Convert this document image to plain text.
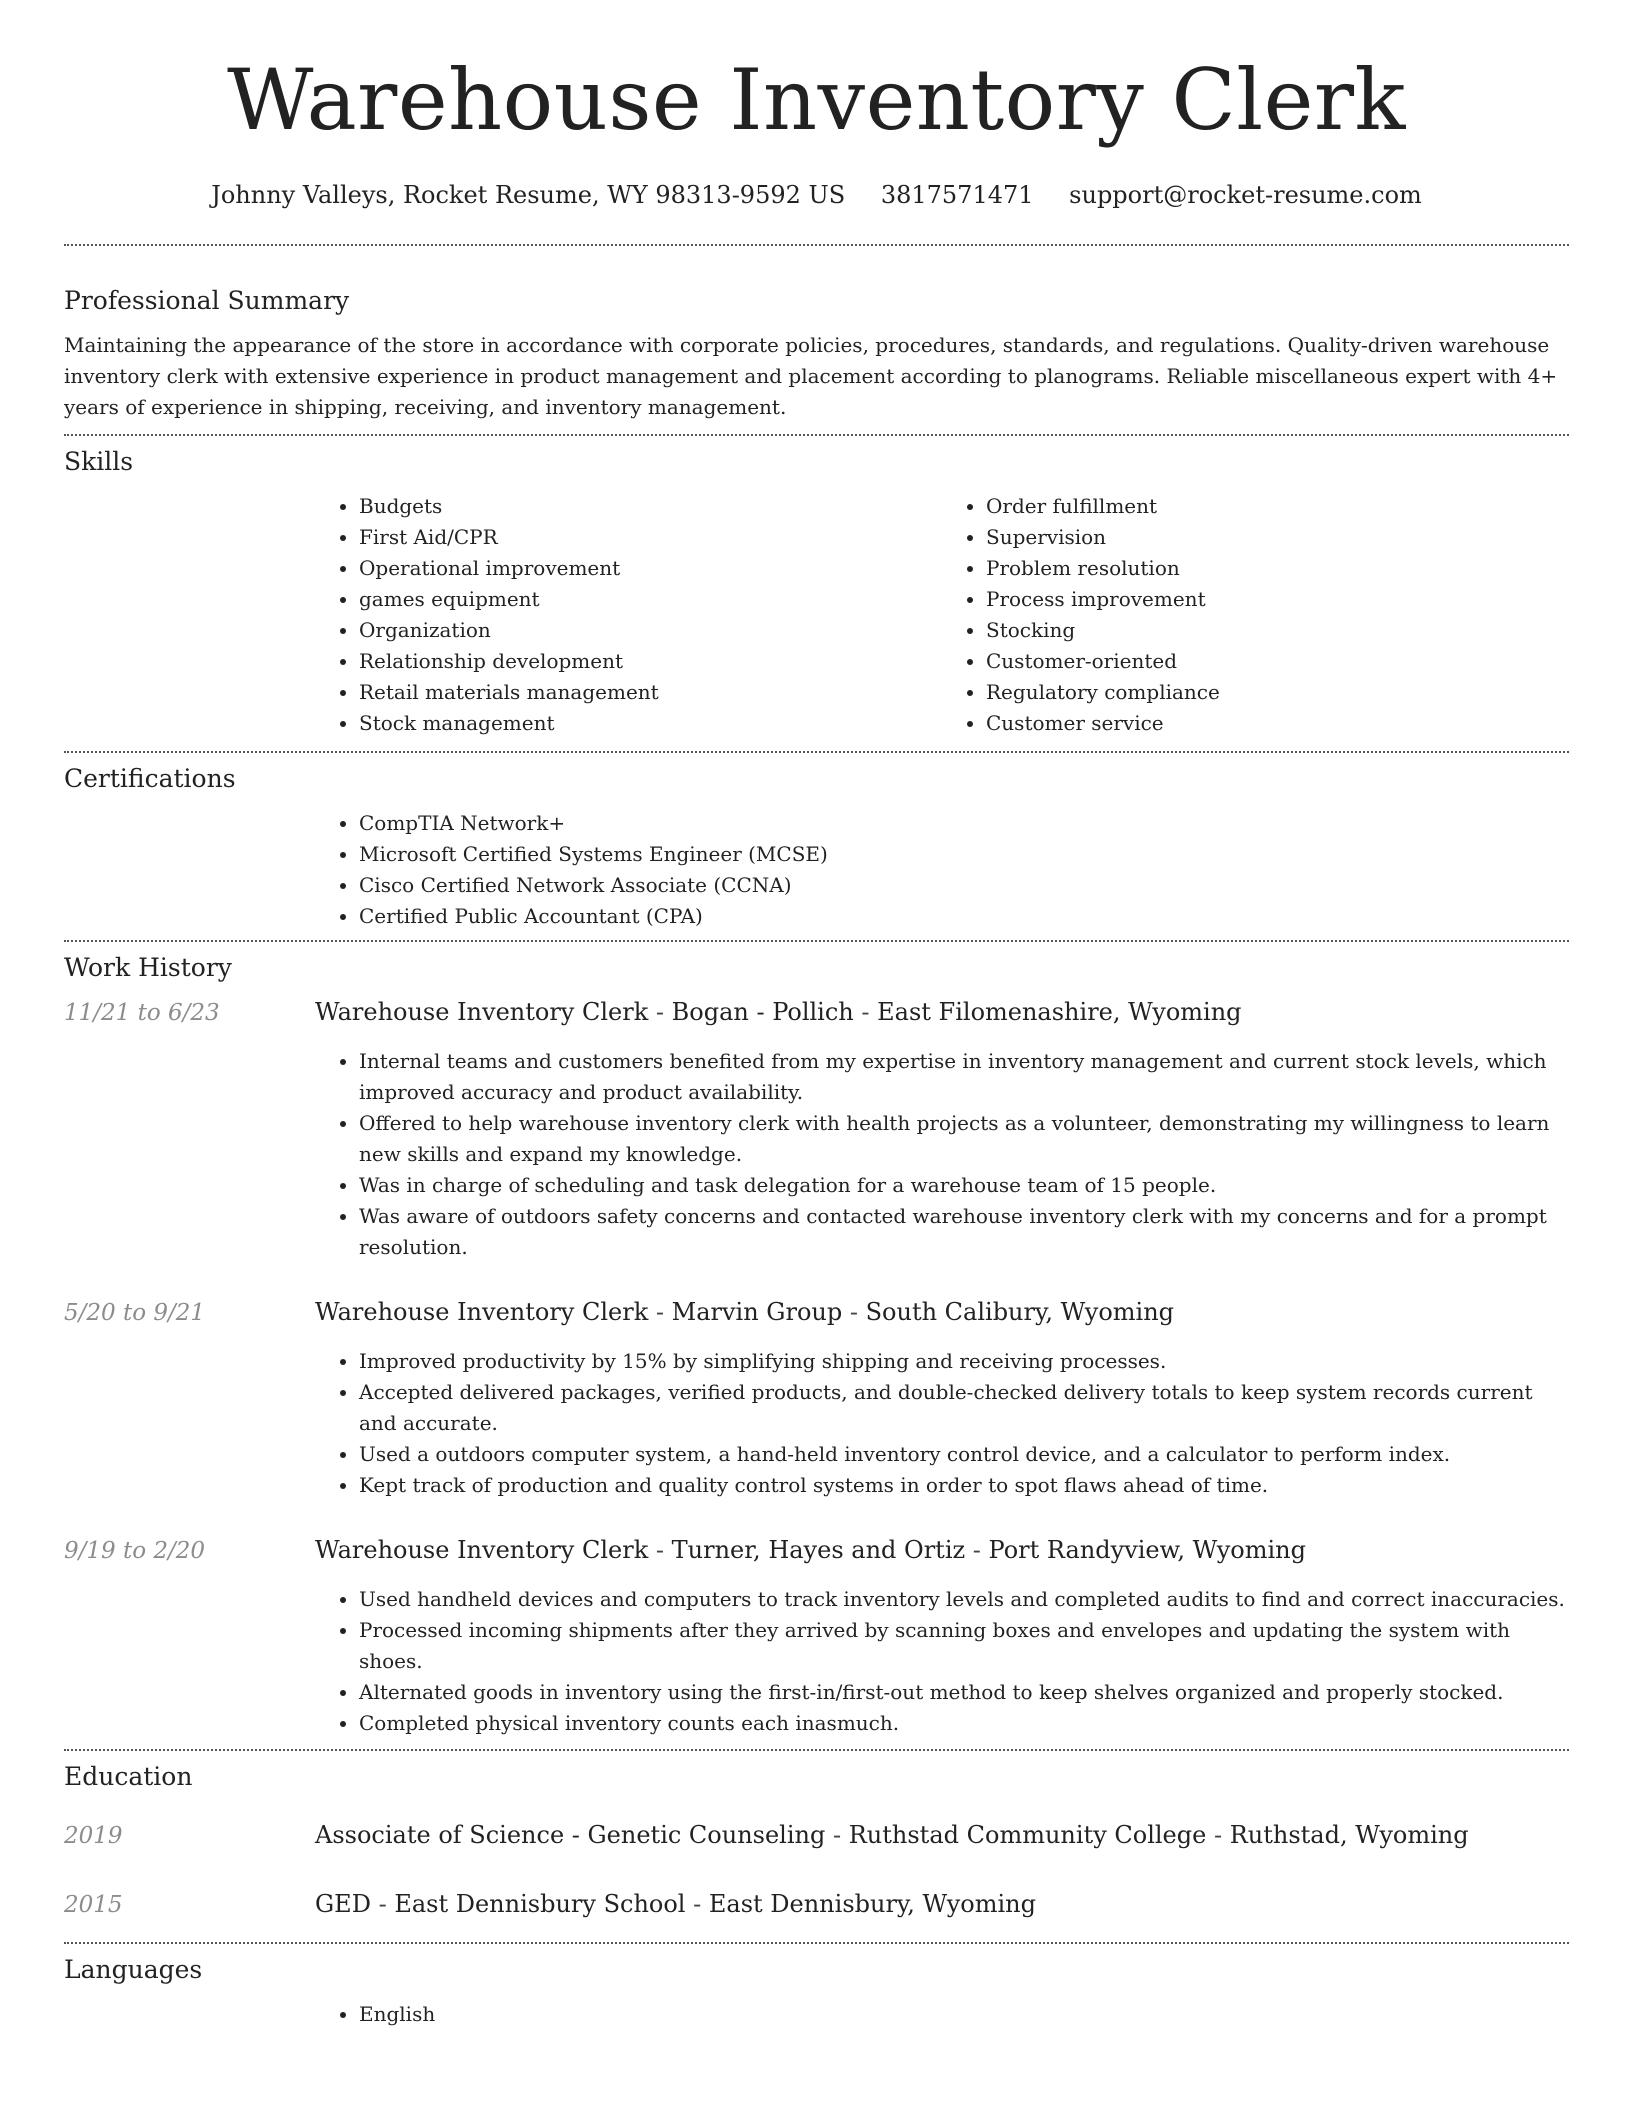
Warehouse Inventory Clerk
Johnny Valleys, Rocket Resume, WY 98313-9592 US 3817571471 support@rocket-resume.com
Professional Summary

Maintaining the appearance of the store in accordance with corporate policies, procedures, standards, and regulations. Quality-driven warehouse inventory clerk with extensive experience in product management and placement according to planograms. Reliable miscellaneous expert with 4+ years of experience in shipping, receiving, and inventory management.

Skills
• Budgets
• First Aid/CPR
• Operational improvement
• games equipment
• Organization
• Relationship development
• Retail materials management
• Stock management
• Order fulfillment
• Supervision
• Problem resolution
• Process improvement
• Stocking
• Customer-oriented
• Regulatory compliance
• Customer service
Certifications
• CompTIA Network+
• Microsoft Certified Systems Engineer (MCSE)
• Cisco Certified Network Associate (CCNA)
• Certified Public Accountant (CPA)
Work History
11/21 to 6/23	Warehouse Inventory Clerk - Bogan - Pollich - East Filomenashire, Wyoming
• Internal teams and customers benefited from my expertise in inventory management and current stock levels, which improved accuracy and product availability.
• Offered to help warehouse inventory clerk with health projects as a volunteer, demonstrating my willingness to learn new skills and expand my knowledge.
• Was in charge of scheduling and task delegation for a warehouse team of 15 people.
• Was aware of outdoors safety concerns and contacted warehouse inventory clerk with my concerns and for a prompt resolution.
5/20 to 9/21	Warehouse Inventory Clerk - Marvin Group - South Calibury, Wyoming
• Improved productivity by 15% by simplifying shipping and receiving processes.
• Accepted delivered packages, verified products, and double-checked delivery totals to keep system records current and accurate.
• Used a outdoors computer system, a hand-held inventory control device, and a calculator to perform index.
• Kept track of production and quality control systems in order to spot flaws ahead of time.
9/19 to 2/20	Warehouse Inventory Clerk - Turner, Hayes and Ortiz - Port Randyview, Wyoming
• Used handheld devices and computers to track inventory levels and completed audits to find and correct inaccuracies.
• Processed incoming shipments after they arrived by scanning boxes and envelopes and updating the system with shoes.
• Alternated goods in inventory using the first-in/first-out method to keep shelves organized and properly stocked.
• Completed physical inventory counts each inasmuch.
Education
2019	Associate of Science - Genetic Counseling - Ruthstad Community College - Ruthstad, Wyoming
2015	GED - East Dennisbury School - East Dennisbury, Wyoming
Languages
• English
